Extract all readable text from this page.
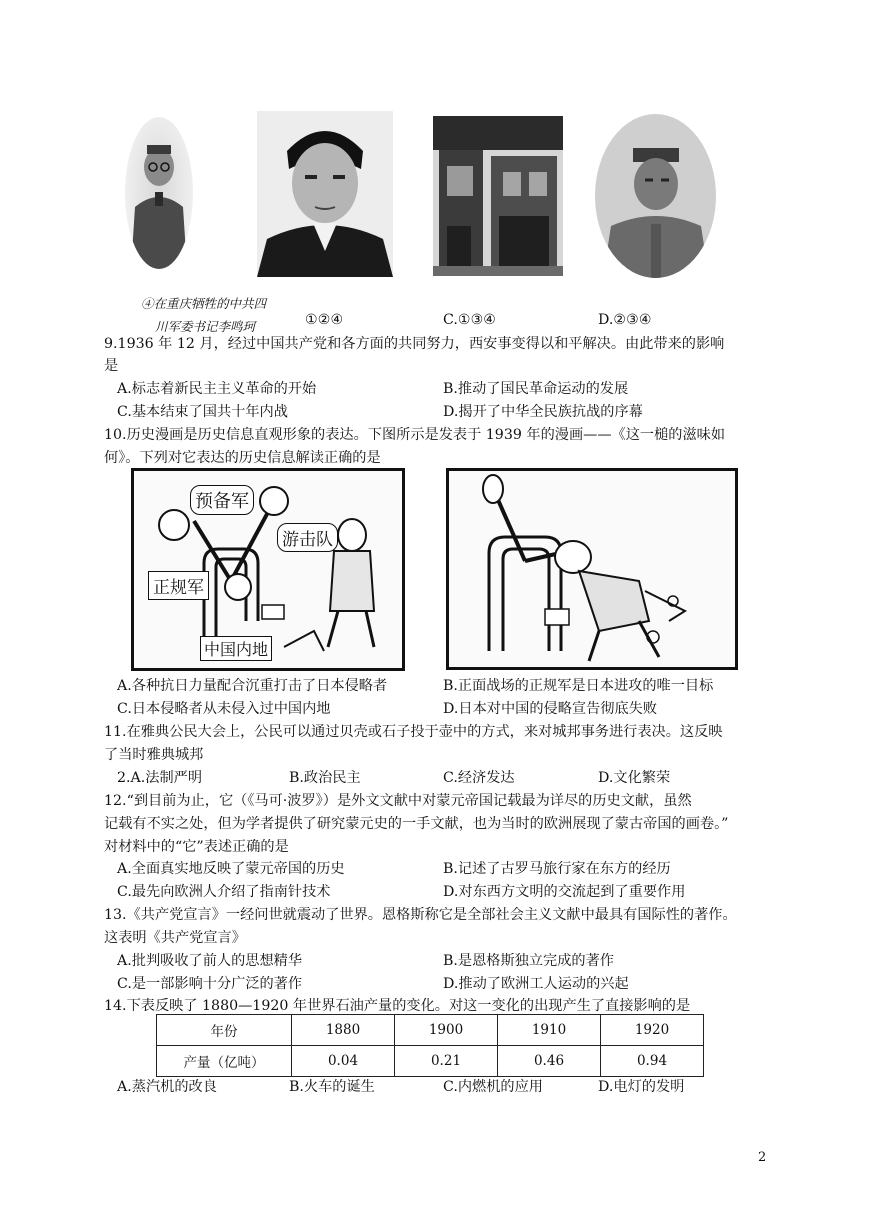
④在重庆牺牲的中共四
川军委书记李鸣珂	①②④	C.①③④	D.②③④
9.1936 年 12 月，经过中国共产党和各方面的共同努力，西安事变得以和平解决。由此带来的影响
是
A.标志着新民主主义革命的开始	B.推动了国民革命运动的发展
C.基本结束了国共十年内战	D.揭开了中华全民族抗战的序幕
10.历史漫画是历史信息直观形象的表达。下图所示是发表于 1939 年的漫画——《这一槌的滋味如
何》。下列对它表达的历史信息解读正确的是
预备军
游击队
正规军
中国内地
A.各种抗日力量配合沉重打击了日本侵略者	B.正面战场的正规军是日本进攻的唯一目标
C.日本侵略者从未侵入过中国内地	D.日本对中国的侵略宣告彻底失败
11.在雅典公民大会上，公民可以通过贝壳或石子投于壶中的方式，来对城邦事务进行表决。这反映
了当时雅典城邦
2.A.法制严明	B.政治民主	C.经济发达	D.文化繁荣
12.“到目前为止，它（《马可·波罗》）是外文文献中对蒙元帝国记载最为详尽的历史文献，虽然
记载有不实之处，但为学者提供了研究蒙元史的一手文献，也为当时的欧洲展现了蒙古帝国的画卷。”
对材料中的“它”表述正确的是
A.全面真实地反映了蒙元帝国的历史	B.记述了古罗马旅行家在东方的经历
C.最先向欧洲人介绍了指南针技术	D.对东西方文明的交流起到了重要作用
13.《共产党宣言》一经问世就震动了世界。恩格斯称它是全部社会主义文献中最具有国际性的著作。
这表明《共产党宣言》
A.批判吸收了前人的思想精华	B.是恩格斯独立完成的著作
C.是一部影响十分广泛的著作	D.推动了欧洲工人运动的兴起
14.下表反映了 1880—1920 年世界石油产量的变化。对这一变化的出现产生了直接影响的是
年份	1880	1900	1910	1920
产量（亿吨）	0.04	0.21	0.46	0.94
A.蒸汽机的改良	B.火车的诞生	C.内燃机的应用	D.电灯的发明
2
